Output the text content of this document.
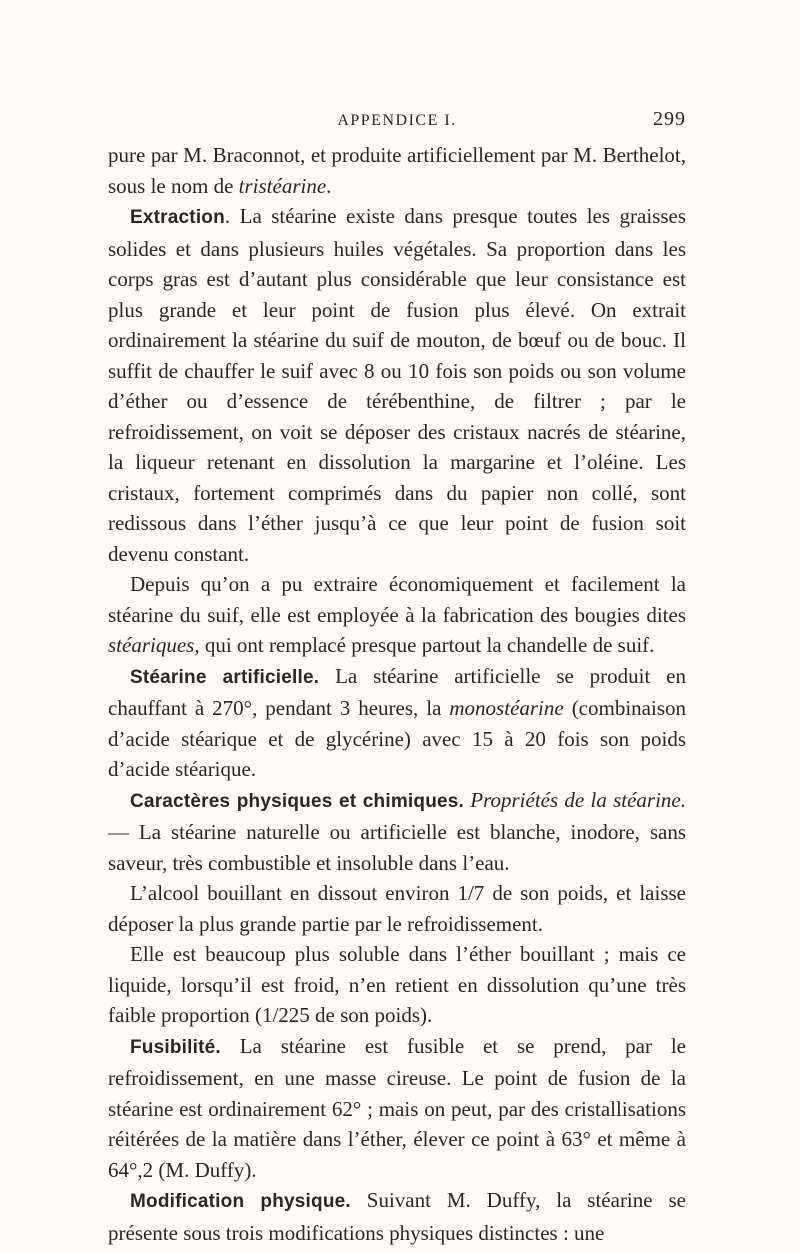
APPENDICE I.	299

pure par M. Braconnot, et produite artificiellement par M. Berthelot, sous le nom de tristéarine.

Extraction. La stéarine existe dans presque toutes les graisses solides et dans plusieurs huiles végétales. Sa proportion dans les corps gras est d’autant plus considérable que leur consistance est plus grande et leur point de fusion plus élevé. On extrait ordinairement la stéarine du suif de mouton, de bœuf ou de bouc. Il suffit de chauffer le suif avec 8 ou 10 fois son poids ou son volume d’éther ou d’essence de térébenthine, de filtrer ; par le refroidissement, on voit se déposer des cristaux nacrés de stéarine, la liqueur retenant en dissolution la margarine et l’oléine. Les cristaux, fortement comprimés dans du papier non collé, sont redissous dans l’éther jusqu’à ce que leur point de fusion soit devenu constant.

Depuis qu’on a pu extraire économiquement et facilement la stéarine du suif, elle est employée à la fabrication des bougies dites stéariques, qui ont remplacé presque partout la chandelle de suif.

Stéarine artificielle. La stéarine artificielle se produit en chauffant à 270°, pendant 3 heures, la monostéarine (combinaison d’acide stéarique et de glycérine) avec 15 à 20 fois son poids d’acide stéarique.

Caractères physiques et chimiques. Propriétés de la stéarine. — La stéarine naturelle ou artificielle est blanche, inodore, sans saveur, très combustible et insoluble dans l’eau.

L’alcool bouillant en dissout environ 1/7 de son poids, et laisse déposer la plus grande partie par le refroidissement.

Elle est beaucoup plus soluble dans l’éther bouillant ; mais ce liquide, lorsqu’il est froid, n’en retient en dissolution qu’une très faible proportion (1/225 de son poids).

Fusibilité. La stéarine est fusible et se prend, par le refroidissement, en une masse cireuse. Le point de fusion de la stéarine est ordinairement 62° ; mais on peut, par des cristallisations réitérées de la matière dans l’éther, élever ce point à 63° et même à 64°,2 (M. Duffy).

Modification physique. Suivant M. Duffy, la stéarine se présente sous trois modifications physiques distinctes : une
